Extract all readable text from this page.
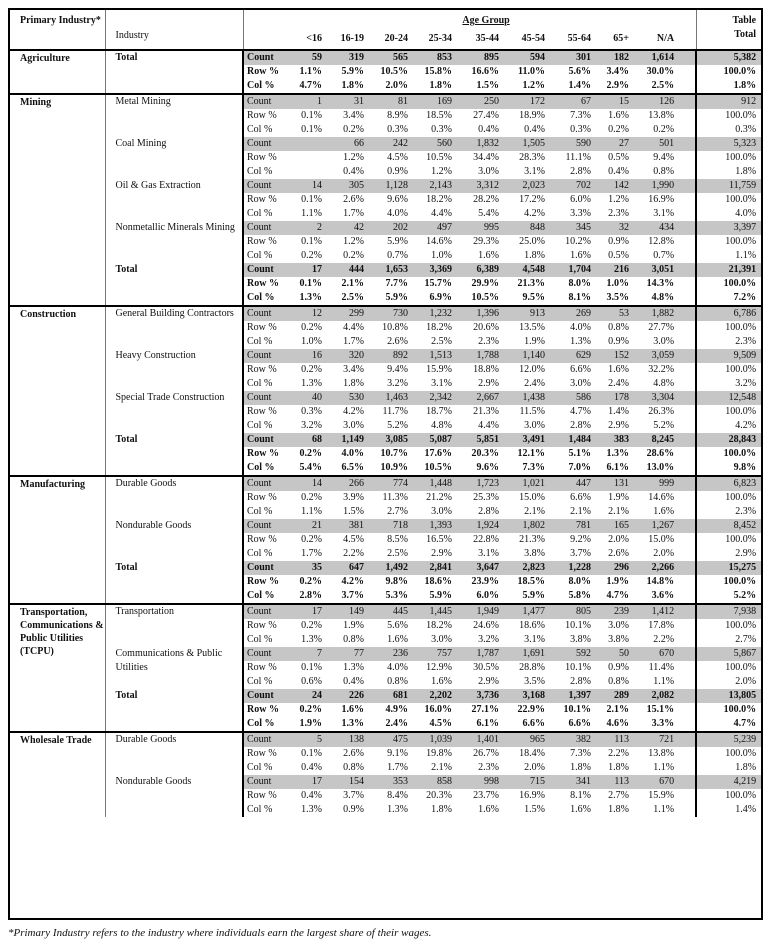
Primary Industry*	Industry		Age Group										Table
			<16	16-19	20-24	25-34	35-44	45-54	55-64	65+	N/A		Total
Agriculture	Total	Count	59	319	565	853	895	594	301	182	1,614		5,382
		Row %	1.1%	5.9%	10.5%	15.8%	16.6%	11.0%	5.6%	3.4%	30.0%		100.0%
		Col %	4.7%	1.8%	2.0%	1.8%	1.5%	1.2%	1.4%	2.9%	2.5%		1.8%
Mining	Metal Mining	Count	1	31	81	169	250	172	67	15	126		912
		Row %	0.1%	3.4%	8.9%	18.5%	27.4%	18.9%	7.3%	1.6%	13.8%		100.0%
		Col %	0.1%	0.2%	0.3%	0.3%	0.4%	0.4%	0.3%	0.2%	0.2%		0.3%
	Coal Mining	Count		66	242	560	1,832	1,505	590	27	501		5,323
		Row %		1.2%	4.5%	10.5%	34.4%	28.3%	11.1%	0.5%	9.4%		100.0%
		Col %		0.4%	0.9%	1.2%	3.0%	3.1%	2.8%	0.4%	0.8%		1.8%
	Oil & Gas Extraction	Count	14	305	1,128	2,143	3,312	2,023	702	142	1,990		11,759
		Row %	0.1%	2.6%	9.6%	18.2%	28.2%	17.2%	6.0%	1.2%	16.9%		100.0%
		Col %	1.1%	1.7%	4.0%	4.4%	5.4%	4.2%	3.3%	2.3%	3.1%		4.0%
	Nonmetallic Minerals Mining	Count	2	42	202	497	995	848	345	32	434		3,397
		Row %	0.1%	1.2%	5.9%	14.6%	29.3%	25.0%	10.2%	0.9%	12.8%		100.0%
		Col %	0.2%	0.2%	0.7%	1.0%	1.6%	1.8%	1.6%	0.5%	0.7%		1.1%
	Total	Count	17	444	1,653	3,369	6,389	4,548	1,704	216	3,051		21,391
		Row %	0.1%	2.1%	7.7%	15.7%	29.9%	21.3%	8.0%	1.0%	14.3%		100.0%
		Col %	1.3%	2.5%	5.9%	6.9%	10.5%	9.5%	8.1%	3.5%	4.8%		7.2%
Construction	General Building Contractors	Count	12	299	730	1,232	1,396	913	269	53	1,882		6,786
		Row %	0.2%	4.4%	10.8%	18.2%	20.6%	13.5%	4.0%	0.8%	27.7%		100.0%
		Col %	1.0%	1.7%	2.6%	2.5%	2.3%	1.9%	1.3%	0.9%	3.0%		2.3%
	Heavy Construction	Count	16	320	892	1,513	1,788	1,140	629	152	3,059		9,509
		Row %	0.2%	3.4%	9.4%	15.9%	18.8%	12.0%	6.6%	1.6%	32.2%		100.0%
		Col %	1.3%	1.8%	3.2%	3.1%	2.9%	2.4%	3.0%	2.4%	4.8%		3.2%
	Special Trade Construction	Count	40	530	1,463	2,342	2,667	1,438	586	178	3,304		12,548
		Row %	0.3%	4.2%	11.7%	18.7%	21.3%	11.5%	4.7%	1.4%	26.3%		100.0%
		Col %	3.2%	3.0%	5.2%	4.8%	4.4%	3.0%	2.8%	2.9%	5.2%		4.2%
	Total	Count	68	1,149	3,085	5,087	5,851	3,491	1,484	383	8,245		28,843
		Row %	0.2%	4.0%	10.7%	17.6%	20.3%	12.1%	5.1%	1.3%	28.6%		100.0%
		Col %	5.4%	6.5%	10.9%	10.5%	9.6%	7.3%	7.0%	6.1%	13.0%		9.8%
Manufacturing	Durable Goods	Count	14	266	774	1,448	1,723	1,021	447	131	999		6,823
		Row %	0.2%	3.9%	11.3%	21.2%	25.3%	15.0%	6.6%	1.9%	14.6%		100.0%
		Col %	1.1%	1.5%	2.7%	3.0%	2.8%	2.1%	2.1%	2.1%	1.6%		2.3%
	Nondurable Goods	Count	21	381	718	1,393	1,924	1,802	781	165	1,267		8,452
		Row %	0.2%	4.5%	8.5%	16.5%	22.8%	21.3%	9.2%	2.0%	15.0%		100.0%
		Col %	1.7%	2.2%	2.5%	2.9%	3.1%	3.8%	3.7%	2.6%	2.0%		2.9%
	Total	Count	35	647	1,492	2,841	3,647	2,823	1,228	296	2,266		15,275
		Row %	0.2%	4.2%	9.8%	18.6%	23.9%	18.5%	8.0%	1.9%	14.8%		100.0%
		Col %	2.8%	3.7%	5.3%	5.9%	6.0%	5.9%	5.8%	4.7%	3.6%		5.2%
Transportation, Communications & Public Utilities (TCPU)	Transportation	Count	17	149	445	1,445	1,949	1,477	805	239	1,412		7,938
		Row %	0.2%	1.9%	5.6%	18.2%	24.6%	18.6%	10.1%	3.0%	17.8%		100.0%
		Col %	1.3%	0.8%	1.6%	3.0%	3.2%	3.1%	3.8%	3.8%	2.2%		2.7%
	Communications & Public Utilities	Count	7	77	236	757	1,787	1,691	592	50	670		5,867
		Row %	0.1%	1.3%	4.0%	12.9%	30.5%	28.8%	10.1%	0.9%	11.4%		100.0%
		Col %	0.6%	0.4%	0.8%	1.6%	2.9%	3.5%	2.8%	0.8%	1.1%		2.0%
	Total	Count	24	226	681	2,202	3,736	3,168	1,397	289	2,082		13,805
		Row %	0.2%	1.6%	4.9%	16.0%	27.1%	22.9%	10.1%	2.1%	15.1%		100.0%
		Col %	1.9%	1.3%	2.4%	4.5%	6.1%	6.6%	6.6%	4.6%	3.3%		4.7%
Wholesale Trade	Durable Goods	Count	5	138	475	1,039	1,401	965	382	113	721		5,239
		Row %	0.1%	2.6%	9.1%	19.8%	26.7%	18.4%	7.3%	2.2%	13.8%		100.0%
		Col %	0.4%	0.8%	1.7%	2.1%	2.3%	2.0%	1.8%	1.8%	1.1%		1.8%
	Nondurable Goods	Count	17	154	353	858	998	715	341	113	670		4,219
		Row %	0.4%	3.7%	8.4%	20.3%	23.7%	16.9%	8.1%	2.7%	15.9%		100.0%
		Col %	1.3%	0.9%	1.3%	1.8%	1.6%	1.5%	1.6%	1.8%	1.1%		1.4%
*Primary Industry refers to the industry where individuals earn the largest share of their wages.
